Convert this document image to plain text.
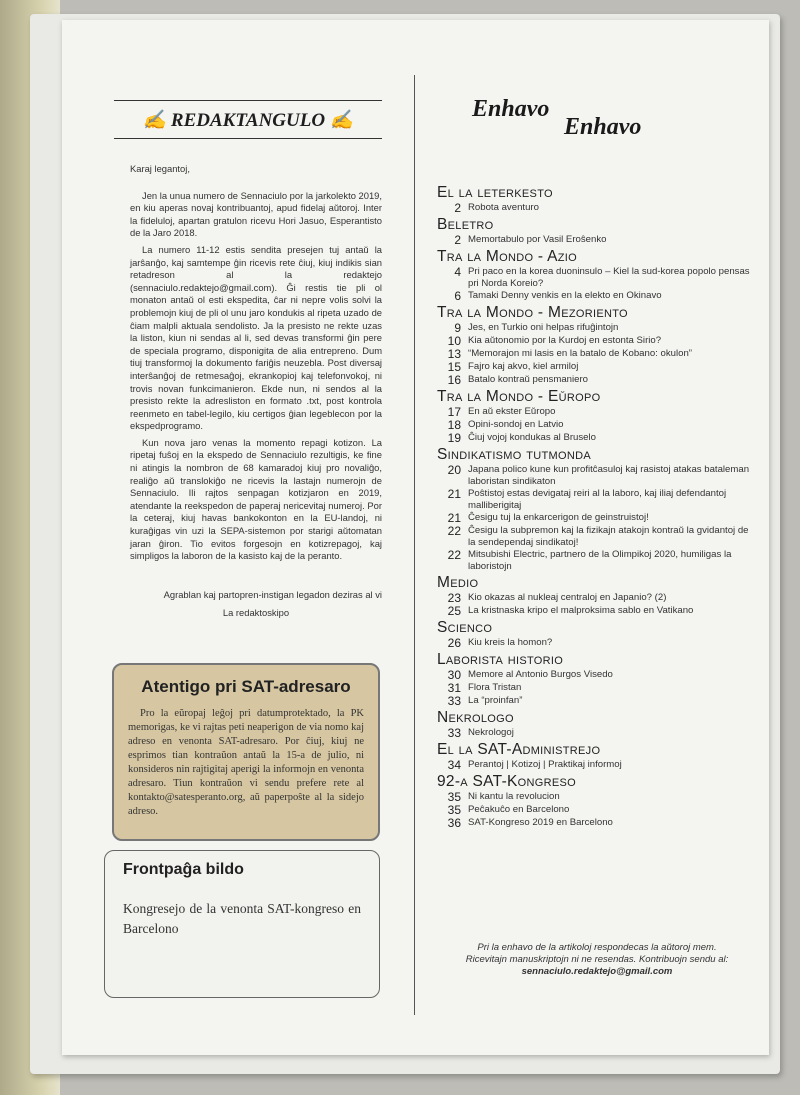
✍ REDAKTANGULO ✍

Karaj legantoj,

Jen la unua numero de Sennaciulo por la jarkolekto 2019, en kiu aperas novaj kontribuantoj, apud fidelaj aŭtoroj. Inter la fideluloj, apartan gratulon ricevu Hori Jasuo, Esperantisto de la Jaro 2018.

La numero 11-12 estis sendita presejen tuj antaŭ la jarŝanĝo, kaj samtempe ĝin ricevis rete ĉiuj, kiuj indikis sian retadreson al la redaktejo (sennaciulo.redaktejo@gmail.com). Ĝi restis tie pli ol monaton antaŭ ol esti ekspedita, ĉar ni nepre volis solvi la problemojn kiuj de pli ol unu jaro kondukis al ripeta uzado de ĉiam malpli aktuala sendolisto. Ja la presisto ne rekte uzas la liston, kiun ni sendas al li, sed devas transformi ĝin pere de speciala programo, disponigita de alia entrepreno. Dum tiuj transformoj la dokumento fariĝis neuzebla. Post diversaj interŝanĝoj de retmesaĝoj, ekrankopioj kaj telefonvokoj, ni trovis novan funkcimanieron. Ekde nun, ni sendos al la presisto rekte la adresliston en formato .txt, post kontrola reenmeto en tabel-legilo, kiu certigos ĝian legeblecon por la ekspedprogramo.

Kun nova jaro venas la momento repagi kotizon. La ripetaj fuŝoj en la ekspedo de Sennaciulo rezultigis, ke fine ni atingis la nombron de 68 kamaradoj kiuj pro novaliĝo, realiĝo aŭ translokiĝo ne ricevis la lastajn numerojn de Sennaciulo. Ili rajtos senpagan kotizjaron en 2019, atendante la reekspedon de paperaj nericevitaj numeroj. Por la ceteraj, kiuj havas bankokonton en la EU-landoj, ni kuraĝigas vin uzi la SEPA-sistemon por starigi aŭtomatan jaran ĝiron. Tio evitos forgesojn en kotizrepagoj, kaj simpligos la laboron de la kasisto kaj de la peranto.

Agrablan kaj partopren-instigan legadon deziras al vi

La redaktoskipo

Atentigo pri SAT-adresaro

Pro la eŭropaj leĝoj pri datumprotektado, la PK memorigas, ke vi rajtas peti neaperigon de via nomo kaj adreso en venonta SAT-adresaro. Por ĉiuj, kiuj ne esprimos tian kontraŭon antaŭ la 15-a de julio, ni konsideros nin rajtigitaj aperigi la informojn en venonta adresaro. Tiun kontraŭon vi sendu prefere rete al kontakto@satesperanto.org, aŭ paperpoŝte al la sidejo adreso.

Frontpaĝa bildo

Kongresejo de la venonta SAT-kongreso en Barcelono

Enhavo
Enhavo
El la leterkesto
2 Robota aventuro
Beletro
2 Memortabulo por Vasil Eroŝenko
Tra la Mondo - Azio
4 Pri paco en la korea duoninsulo – Kiel la sud-korea popolo pensas pri Norda Koreio?
6 Tamaki Denny venkis en la elekto en Okinavo
Tra la Mondo - Mezoriento
9 Jes, en Turkio oni helpas rifuĝintojn
10 Kia aŭtonomio por la Kurdoj en estonta Sirio?
13 “Memorajon mi lasis en la batalo de Kobano: okulon”
15 Fajro kaj akvo, kiel armiloj
16 Batalo kontraŭ pensmaniero
Tra la Mondo - Eŭropo
17 En aŭ ekster Eŭropo
18 Opini-sondoj en Latvio
19 Ĉiuj vojoj kondukas al Bruselo
Sindikatismo tutmonda
20 Japana polico kune kun profitĉasuloj kaj rasistoj atakas bataleman laboristan sindikaton
21 Poŝtistoj estas devigataj reiri al la laboro, kaj iliaj defendantoj malliberigitaj
21 Ĉesigu tuj la enkarcerigon de geinstruistoj!
22 Ĉesigu la subpremon kaj la fizikajn atakojn kontraŭ la gvidantoj de la sendependaj sindikatoj!
22 Mitsubishi Electric, partnero de la Olimpikoj 2020, humiligas la laboristojn
Medio
23 Kio okazas al nukleaj centraloj en Japanio? (2)
25 La kristnaska kripo el malproksima sablo en Vatikano
Scienco
26 Kiu kreis la homon?
Laborista historio
30 Memore al Antonio Burgos Visedo
31 Flora Tristan
33 La “proinfan”
Nekrologo
33 Nekrologoj
El la SAT-Administrejo
34 Perantoj | Kotizoj | Praktikaj informoj
92-a SAT-Kongreso
35 Ni kantu la revolucion
35 Peĉakuĉo en Barcelono
36 SAT-Kongreso 2019 en Barcelono
Pri la enhavo de la artikoloj respondecas la aŭtoroj mem. Ricevitajn manuskriptojn ni ne resendas. Kontribuojn sendu al:
sennaciulo.redaktejo@gmail.com
